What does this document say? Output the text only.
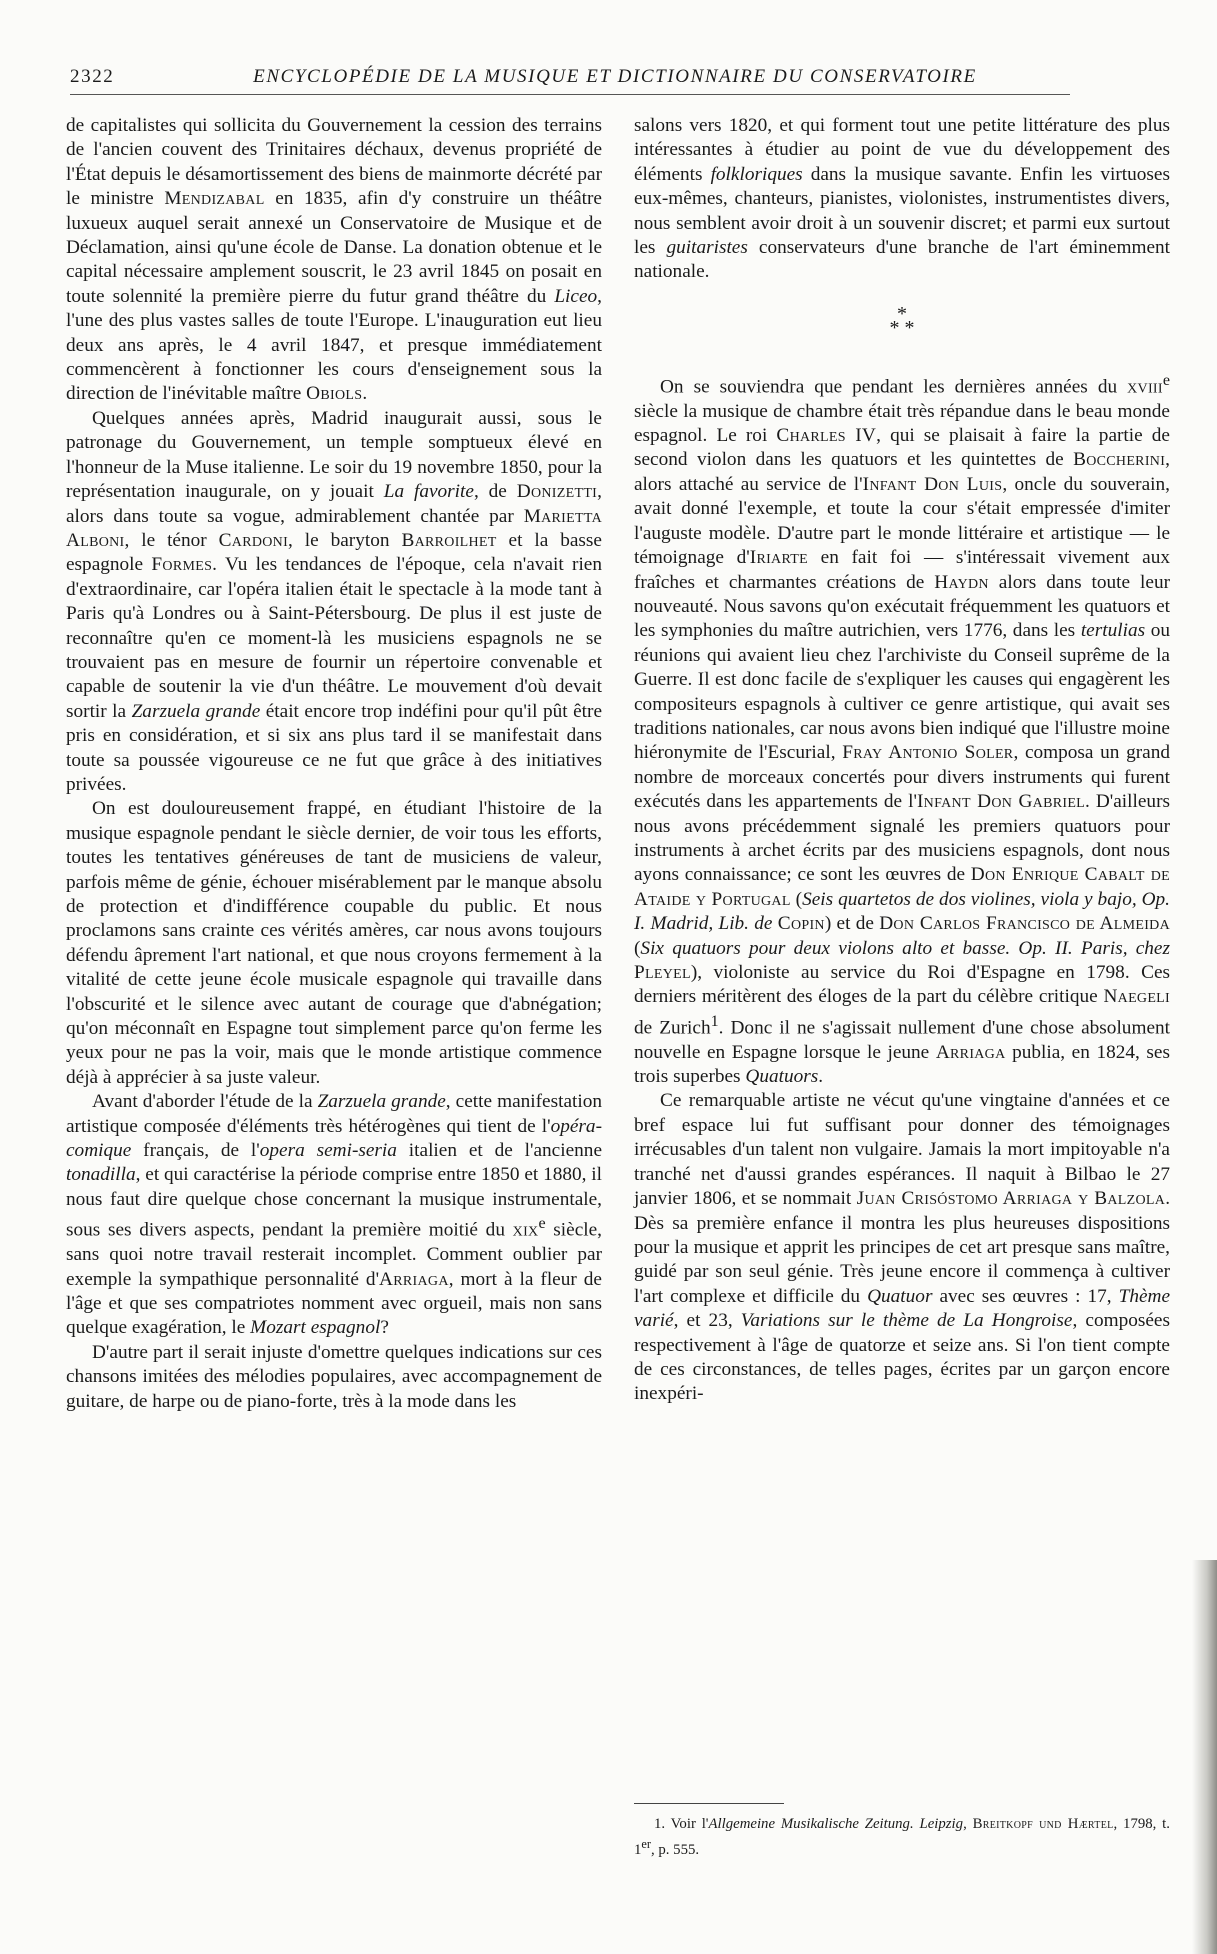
2322	ENCYCLOPÉDIE DE LA MUSIQUE ET DICTIONNAIRE DU CONSERVATOIRE

de capitalistes qui sollicita du Gouvernement la cession des terrains de l'ancien couvent des Trinitaires déchaux, devenus propriété de l'État depuis le désamortissement des biens de mainmorte décrété par le ministre Mendizabal en 1835, afin d'y construire un théâtre luxueux auquel serait annexé un Conservatoire de Musique et de Déclamation, ainsi qu'une école de Danse. La donation obtenue et le capital nécessaire amplement souscrit, le 23 avril 1845 on posait en toute solennité la première pierre du futur grand théâtre du Liceo, l'une des plus vastes salles de toute l'Europe. L'inauguration eut lieu deux ans après, le 4 avril 1847, et presque immédiatement commencèrent à fonctionner les cours d'enseignement sous la direction de l'inévitable maître Obiols.

Quelques années après, Madrid inaugurait aussi, sous le patronage du Gouvernement, un temple somptueux élevé en l'honneur de la Muse italienne. Le soir du 19 novembre 1850, pour la représentation inaugurale, on y jouait La favorite, de Donizetti, alors dans toute sa vogue, admirablement chantée par Marietta Alboni, le ténor Cardoni, le baryton Barroilhet et la basse espagnole Formes. Vu les tendances de l'époque, cela n'avait rien d'extraordinaire, car l'opéra italien était le spectacle à la mode tant à Paris qu'à Londres ou à Saint-Pétersbourg. De plus il est juste de reconnaître qu'en ce moment-là les musiciens espagnols ne se trouvaient pas en mesure de fournir un répertoire convenable et capable de soutenir la vie d'un théâtre. Le mouvement d'où devait sortir la Zarzuela grande était encore trop indéfini pour qu'il pût être pris en considération, et si six ans plus tard il se manifestait dans toute sa poussée vigoureuse ce ne fut que grâce à des initiatives privées.

On est douloureusement frappé, en étudiant l'histoire de la musique espagnole pendant le siècle dernier, de voir tous les efforts, toutes les tentatives généreuses de tant de musiciens de valeur, parfois même de génie, échouer misérablement par le manque absolu de protection et d'indifférence coupable du public. Et nous proclamons sans crainte ces vérités amères, car nous avons toujours défendu âprement l'art national, et que nous croyons fermement à la vitalité de cette jeune école musicale espagnole qui travaille dans l'obscurité et le silence avec autant de courage que d'abnégation; qu'on méconnaît en Espagne tout simplement parce qu'on ferme les yeux pour ne pas la voir, mais que le monde artistique commence déjà à apprécier à sa juste valeur.

Avant d'aborder l'étude de la Zarzuela grande, cette manifestation artistique composée d'éléments très hétérogènes qui tient de l'opéra-comique français, de l'opera semi-seria italien et de l'ancienne tonadilla, et qui caractérise la période comprise entre 1850 et 1880, il nous faut dire quelque chose concernant la musique instrumentale, sous ses divers aspects, pendant la première moitié du xix$^e$ siècle, sans quoi notre travail resterait incomplet. Comment oublier par exemple la sympathique personnalité d'Arriaga, mort à la fleur de l'âge et que ses compatriotes nomment avec orgueil, mais non sans quelque exagération, le Mozart espagnol?

D'autre part il serait injuste d'omettre quelques indications sur ces chansons imitées des mélodies populaires, avec accompagnement de guitare, de harpe ou de piano-forte, très à la mode dans les

salons vers 1820, et qui forment tout une petite littérature des plus intéressantes à étudier au point de vue du développement des éléments folkloriques dans la musique savante. Enfin les virtuoses eux-mêmes, chanteurs, pianistes, violonistes, instrumentistes divers, nous semblent avoir droit à un souvenir discret; et parmi eux surtout les guitaristes conservateurs d'une branche de l'art éminemment nationale.

*
* *

On se souviendra que pendant les dernières années du xviii$^e$ siècle la musique de chambre était très répandue dans le beau monde espagnol. Le roi Charles IV, qui se plaisait à faire la partie de second violon dans les quatuors et les quintettes de Boccherini, alors attaché au service de l'Infant Don Luis, oncle du souverain, avait donné l'exemple, et toute la cour s'était empressée d'imiter l'auguste modèle. D'autre part le monde littéraire et artistique — le témoignage d'Iriarte en fait foi — s'intéressait vivement aux fraîches et charmantes créations de Haydn alors dans toute leur nouveauté. Nous savons qu'on exécutait fréquemment les quatuors et les symphonies du maître autrichien, vers 1776, dans les tertulias ou réunions qui avaient lieu chez l'archiviste du Conseil suprême de la Guerre. Il est donc facile de s'expliquer les causes qui engagèrent les compositeurs espagnols à cultiver ce genre artistique, qui avait ses traditions nationales, car nous avons bien indiqué que l'illustre moine hiéronymite de l'Escurial, Fray Antonio Soler, composa un grand nombre de morceaux concertés pour divers instruments qui furent exécutés dans les appartements de l'Infant Don Gabriel. D'ailleurs nous avons précédemment signalé les premiers quatuors pour instruments à archet écrits par des musiciens espagnols, dont nous ayons connaissance; ce sont les œuvres de Don Enrique Cabalt de Ataide y Portugal (Seis quartetos de dos violines, viola y bajo, Op. I. Madrid, Lib. de Copin) et de Don Carlos Francisco de Almeida (Six quatuors pour deux violons alto et basse. Op. II. Paris, chez Pleyel), violoniste au service du Roi d'Espagne en 1798. Ces derniers méritèrent des éloges de la part du célèbre critique Naegeli de Zurich$^1$. Donc il ne s'agissait nullement d'une chose absolument nouvelle en Espagne lorsque le jeune Arriaga publia, en 1824, ses trois superbes Quatuors.

Ce remarquable artiste ne vécut qu'une vingtaine d'années et ce bref espace lui fut suffisant pour donner des témoignages irrécusables d'un talent non vulgaire. Jamais la mort impitoyable n'a tranché net d'aussi grandes espérances. Il naquit à Bilbao le 27 janvier 1806, et se nommait Juan Crisóstomo Arriaga y Balzola. Dès sa première enfance il montra les plus heureuses dispositions pour la musique et apprit les principes de cet art presque sans maître, guidé par son seul génie. Très jeune encore il commença à cultiver l'art complexe et difficile du Quatuor avec ses œuvres : 17, Thème varié, et 23, Variations sur le thème de La Hongroise, composées respectivement à l'âge de quatorze et seize ans. Si l'on tient compte de ces circonstances, de telles pages, écrites par un garçon encore inexpéri-

1. Voir l'Allgemeine Musikalische Zeitung. Leipzig, Breitkopf und Hærtel, 1798, t. 1er, p. 555.
